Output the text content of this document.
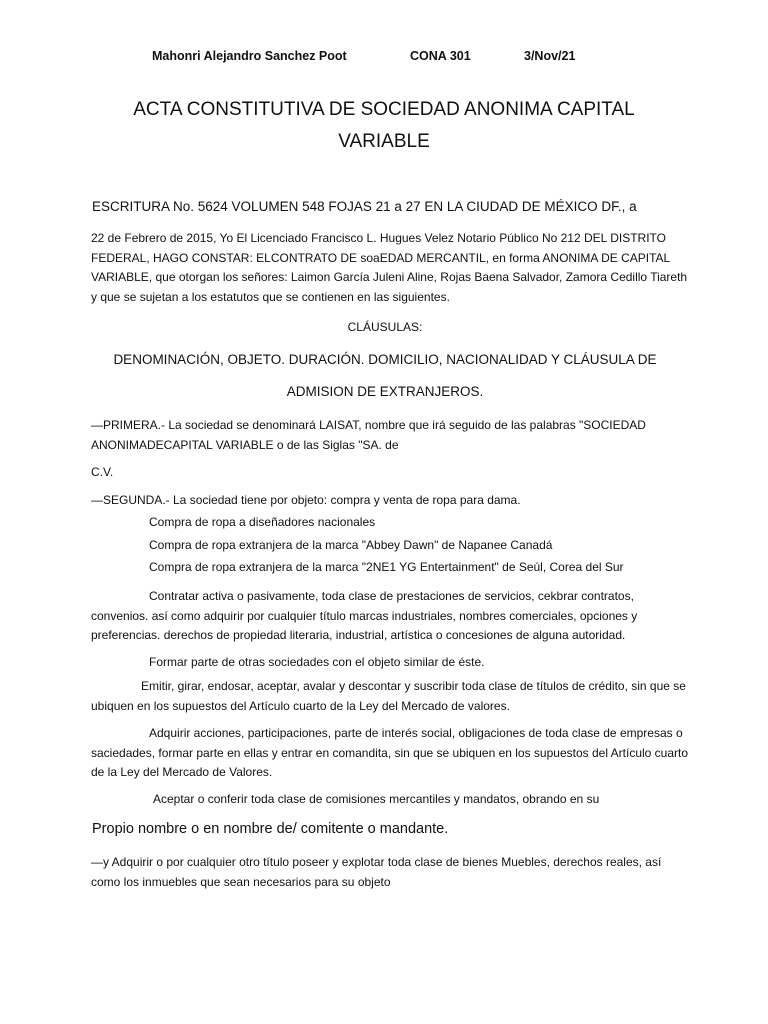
Mahonri Alejandro Sanchez Poot	CONA 301	3/Nov/21
ACTA CONSTITUTIVA DE SOCIEDAD ANONIMA CAPITAL
VARIABLE
ESCRITURA No. 5624 VOLUMEN 548 FOJAS 21 a 27 EN LA CIUDAD DE MÉXICO DF., a
22 de Febrero de 2015, Yo El Licenciado Francisco L. Hugues Velez Notario Público No 212 DEL DISTRITO FEDERAL, HAGO CONSTAR: ELCONTRATO DE soaEDAD MERCANTIL, en forma ANONIMA DE CAPITAL VARIABLE, que otorgan los señores: Laimon García Juleni Aline, Rojas Baena Salvador, Zamora Cedillo Tiareth y que se sujetan a los estatutos que se contienen en las siguientes.
CLÁUSULAS:
DENOMINACIÓN, OBJETO. DURACIÓN. DOMICILIO, NACIONALIDAD Y CLÁUSULA DE
ADMISION DE EXTRANJEROS.
—PRIMERA.- La sociedad se denominará LAISAT, nombre que irá seguido de las palabras "SOCIEDAD ANONIMADECAPITAL VARIABLE o de las Siglas "SA. de
C.V.
—SEGUNDA.- La sociedad tiene por objeto: compra y venta de ropa para dama.
Compra de ropa a diseñadores nacionales
Compra de ropa extranjera de la marca "Abbey Dawn" de Napanee Canadá
Compra de ropa extranjera de la marca "2NE1 YG Entertainment" de Seúl, Corea del Sur
Contratar activa o pasivamente, toda clase de prestaciones de servicios, cekbrar contratos, convenios. así como adquirir por cualquier título marcas industriales, nombres comerciales, opciones y preferencias. derechos de propiedad literaria, industrial, artística o concesiones de alguna autoridad.
Formar parte de otras sociedades con el objeto similar de éste.
Emitir, girar, endosar, aceptar, avalar y descontar y suscribir toda clase de títulos de crédito, sin que se ubiquen en los supuestos del Artículo cuarto de la Ley del Mercado de valores.
Adquirir acciones, participaciones, parte de interés social, obligaciones de toda clase de empresas o saciedades, formar parte en ellas y entrar en comandita, sin que se ubiquen en los supuestos del Artículo cuarto de la Ley del Mercado de Valores.
Aceptar o conferir toda clase de comisiones mercantiles y mandatos, obrando en su
Propio nombre o en nombre de/ comitente o mandante.
—y Adquirir o por cualquier otro título poseer y explotar toda clase de bienes Muebles, derechos reales, así como los inmuebles que sean necesarios para su objeto
